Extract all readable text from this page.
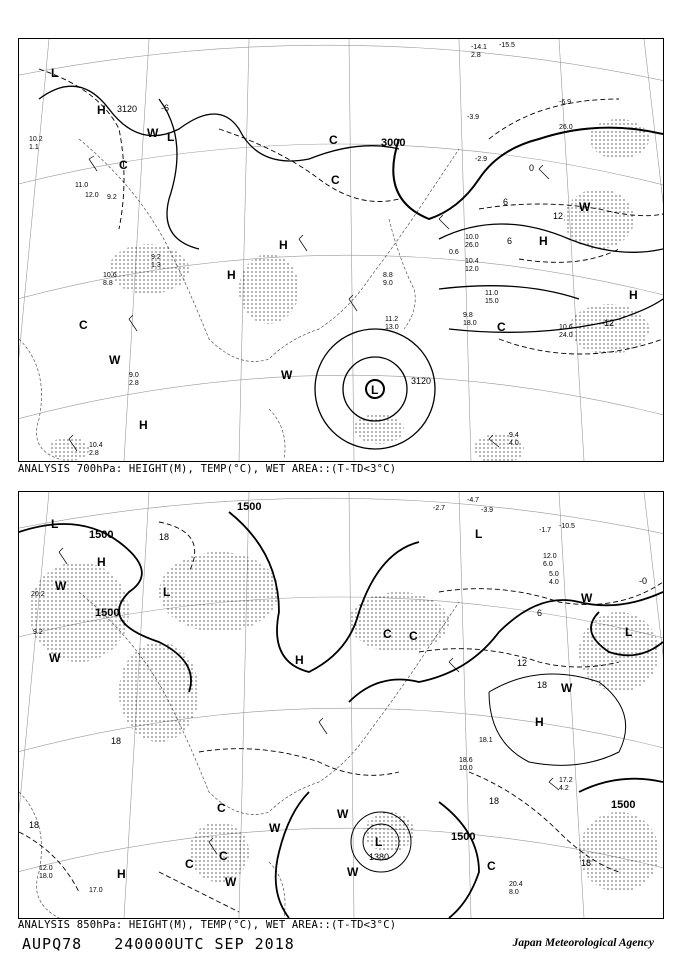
3120
3000
3120
-6
6
0
6
12
-12
L
H
W L
C
C
H
H
C
H
C
W
H
W
H
W
L
C
-14.1
2.8
-15.5
10.2
1.1
9.2
12.0
11.0
9.2
1.3
10.6
8.8
-6.9
26.0
-2.9
-3.9
0.6
10.0
26.0
10.4
12.0
11.0
15.0
9.8
18.0
10.6
24.0
11.2
13.0
8.8
9.0
9.4
4.0
10.4
2.8
9.0
2.8
ANALYSIS 700hPa: HEIGHT(M), TEMP(°C), WET AREA::(T-TD<3°C)
1500
1500
1500
1500
1500
1380
18
-0
6
12
18
18
18
18
18
L
H
L
W
H
C
L
L
L
C
W
W
H
C	C
H
W
C
W
W
W
C
W
-4.7
-3.9
-2.7
12.0
6.0
-10.5
-1.7
5.0
4.0
20.2
9.2
18.6
10.0
17.2
4.2
20.4
8.0
18.1
17.0
12.0
18.0
ANALYSIS 850hPa: HEIGHT(M), TEMP(°C), WET AREA::(T-TD<3°C)
AUPQ78 240000UTC SEP 2018	Japan Meteorological Agency
